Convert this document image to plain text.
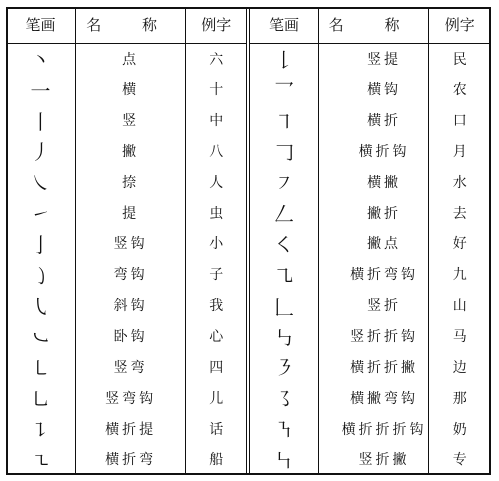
笔画	名 称	例字	笔画	名 称	例字
丶	点	六	𠄌	竖提	民
一	横	十	乛	横钩	农
丨	竖	中	㇕	横折	口
丿	撇	八	𠃌	横折钩	月
㇏	捺	人	㇇	横撇	水
㇀	提	虫	𠃋	撇折	去
亅	竖钩	小	㇛	撇点	好
㇁	弯钩	子	㇈	横折弯钩	九
㇂	斜钩	我	𠃊	竖折	山
㇃	卧钩	心	㇉	竖折折钩	马
㇄	竖弯	四	㇋	横折折撇	边
㇟	竖弯钩	儿	㇌	横撇弯钩	那
㇊	横折提	话	㇎	横折折折钩	奶
㇍	横折弯	船	㇞	竖折撇	专
